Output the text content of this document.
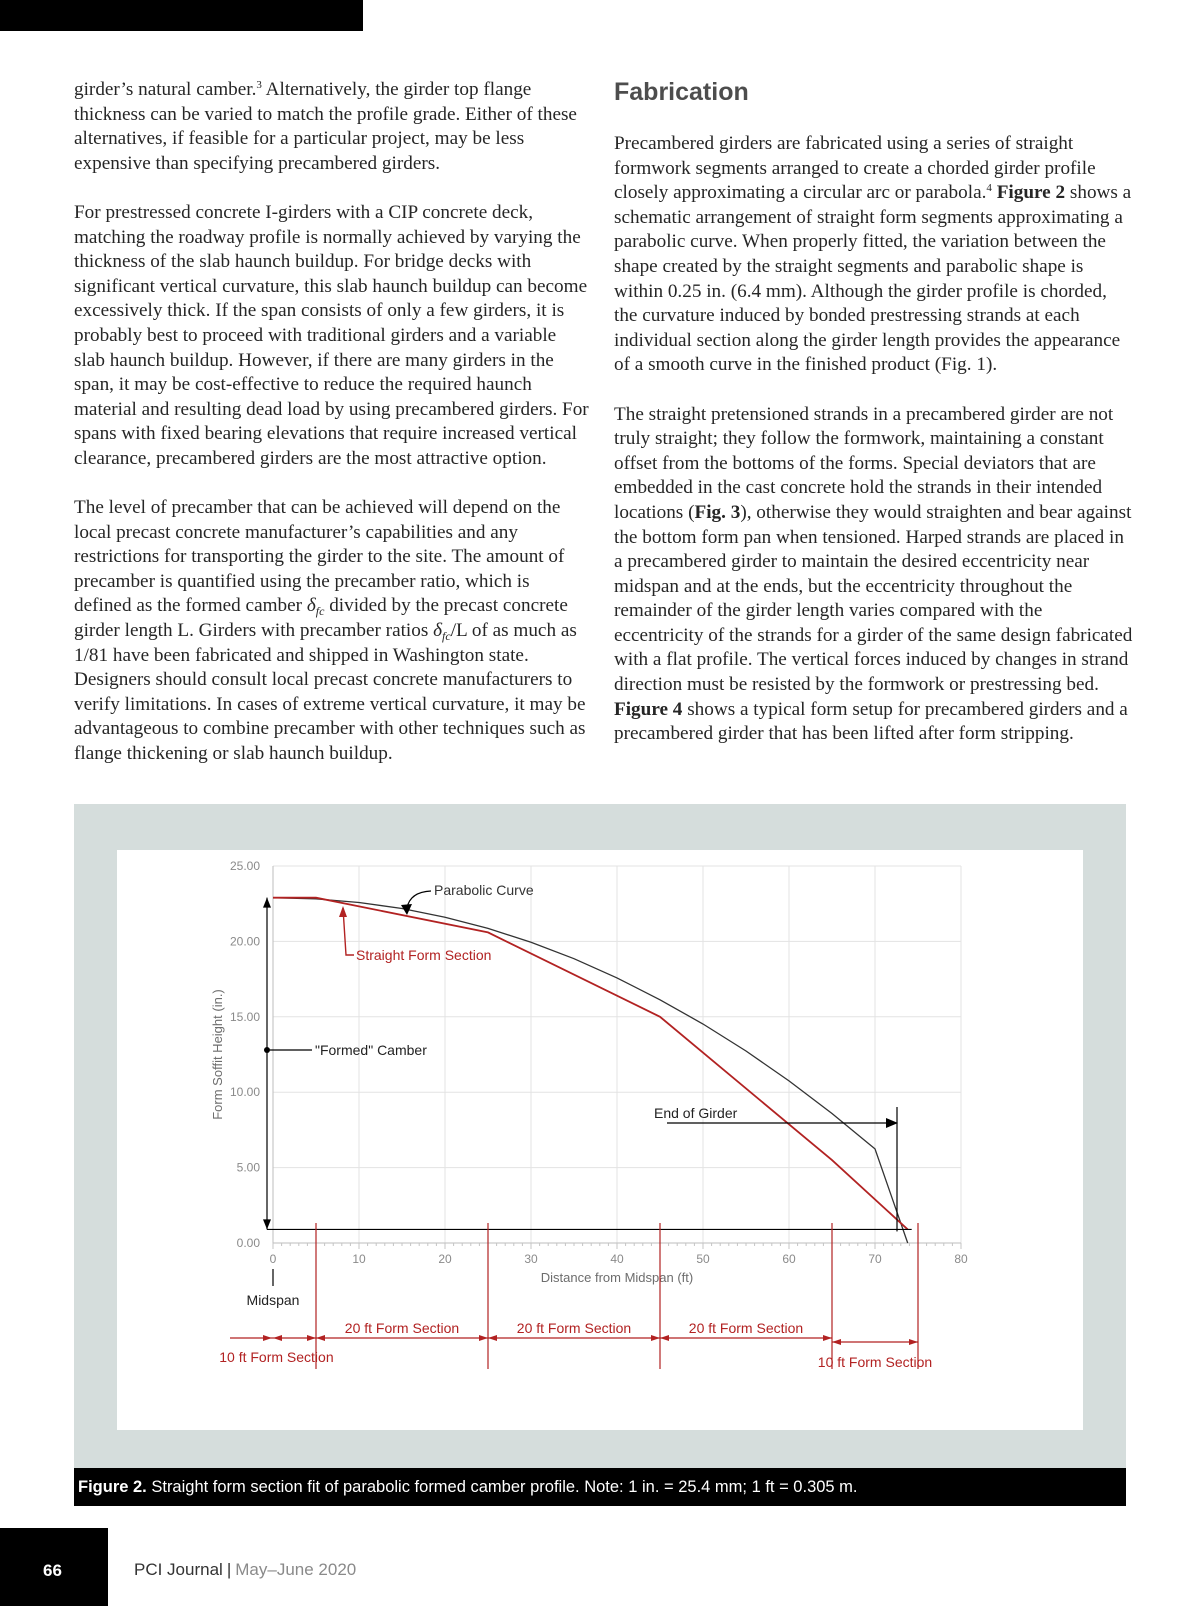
girder’s natural camber.$^3$ Alternatively, the girder top flange thickness can be varied to match the profile grade. Either of these alternatives, if feasible for a particular project, may be less expensive than specifying precambered girders.

For prestressed concrete I-girders with a CIP concrete deck, matching the roadway profile is normally achieved by varying the thickness of the slab haunch buildup. For bridge decks with significant vertical curvature, this slab haunch buildup can become excessively thick. If the span consists of only a few girders, it is probably best to proceed with traditional girders and a variable slab haunch buildup. However, if there are many girders in the span, it may be cost-effective to reduce the required haunch material and resulting dead load by using precambered girders. For spans with fixed bearing elevations that require increased vertical clearance, precambered girders are the most attractive option.

The level of precamber that can be achieved will depend on the local precast concrete manufacturer’s capabilities and any restrictions for transporting the girder to the site. The amount of precamber is quantified using the precamber ratio, which is defined as the formed camber $\delta_{fc}$ divided by the precast concrete girder length L. Girders with precamber ratios $\delta_{fc}/L$ of as much as 1/81 have been fabricated and shipped in Washington state. Designers should consult local precast concrete manufacturers to verify limitations. In cases of extreme vertical curvature, it may be advantageous to combine precamber with other techniques such as flange thickening or slab haunch buildup.

Fabrication

Precambered girders are fabricated using a series of straight formwork segments arranged to create a chorded girder profile closely approximating a circular arc or parabola.$^4$ Figure 2 shows a schematic arrangement of straight form segments approximating a parabolic curve. When properly fitted, the variation between the shape created by the straight segments and parabolic shape is within 0.25 in. (6.4 mm). Although the girder profile is chorded, the curvature induced by bonded prestressing strands at each individual section along the girder length provides the appearance of a smooth curve in the finished product (Fig. 1).

The straight pretensioned strands in a precambered girder are not truly straight; they follow the formwork, maintaining a constant offset from the bottoms of the forms. Special deviators that are embedded in the cast concrete hold the strands in their intended locations (Fig. 3), otherwise they would straighten and bear against the bottom form pan when tensioned. Harped strands are placed in a precambered girder to maintain the desired eccentricity near midspan and at the ends, but the eccentricity throughout the remainder of the girder length varies compared with the eccentricity of the strands for a girder of the same design fabricated with a flat profile. The vertical forces induced by changes in strand direction must be resisted by the formwork or prestressing bed. Figure 4 shows a typical form setup for precambered girders and a precambered girder that has been lifted after form stripping.

0	10	20	30	40	50	60	70	80
0.00
5.00
10.00
15.00
20.00
25.00
Distance from Midspan (ft)
Form Soffit Height (in.)
Parabolic Curve
Straight Form Section
"Formed" Camber
End of Girder
Midspan
10 ft Form Section
20 ft Form Section	20 ft Form Section	20 ft Form Section
10 ft Form Section
Figure 2. Straight form section fit of parabolic formed camber profile. Note: 1 in. = 25.4 mm; 1 ft = 0.305 m.
66	PCI Journal | May–June 2020
